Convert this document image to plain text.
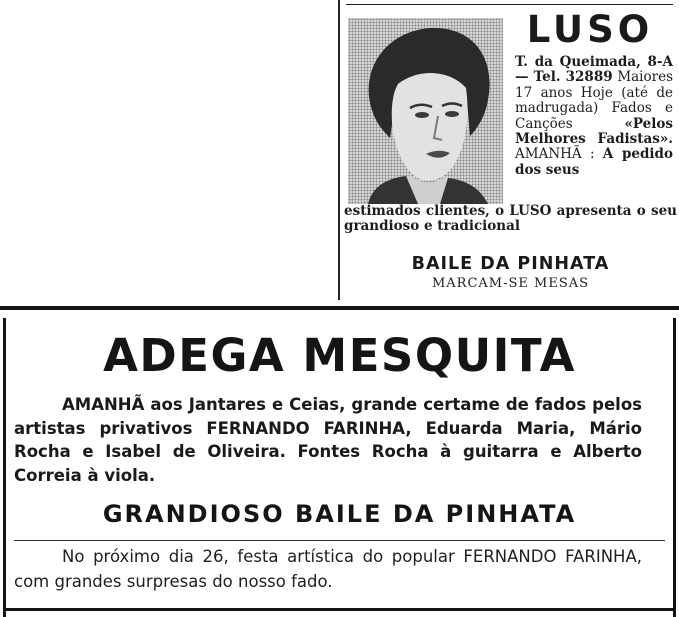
LUSO
T. da Queimada, 8-A — Tel. 32889 Maiores 17 anos Hoje (até de madrugada) Fados e Canções	«Pelos Melhores Fadistas». AMANHÃ : A pedido dos seus
estimados clientes, o LUSO apresenta o seu grandioso e tradicional
BAILE DA PINHATA
MARCAM-SE MESAS
ADEGA MESQUITA
AMANHÃ aos Jantares e Ceias, grande certame de fados pelos artistas privativos FERNANDO FARINHA, Eduarda Maria, Mário Rocha e Isabel de Oliveira. Fontes Rocha à guitarra e Alberto Correia à viola.
GRANDIOSO BAILE DA PINHATA
No próximo dia 26, festa artística do popular FERNANDO FARINHA, com grandes surpresas do nosso fado.
